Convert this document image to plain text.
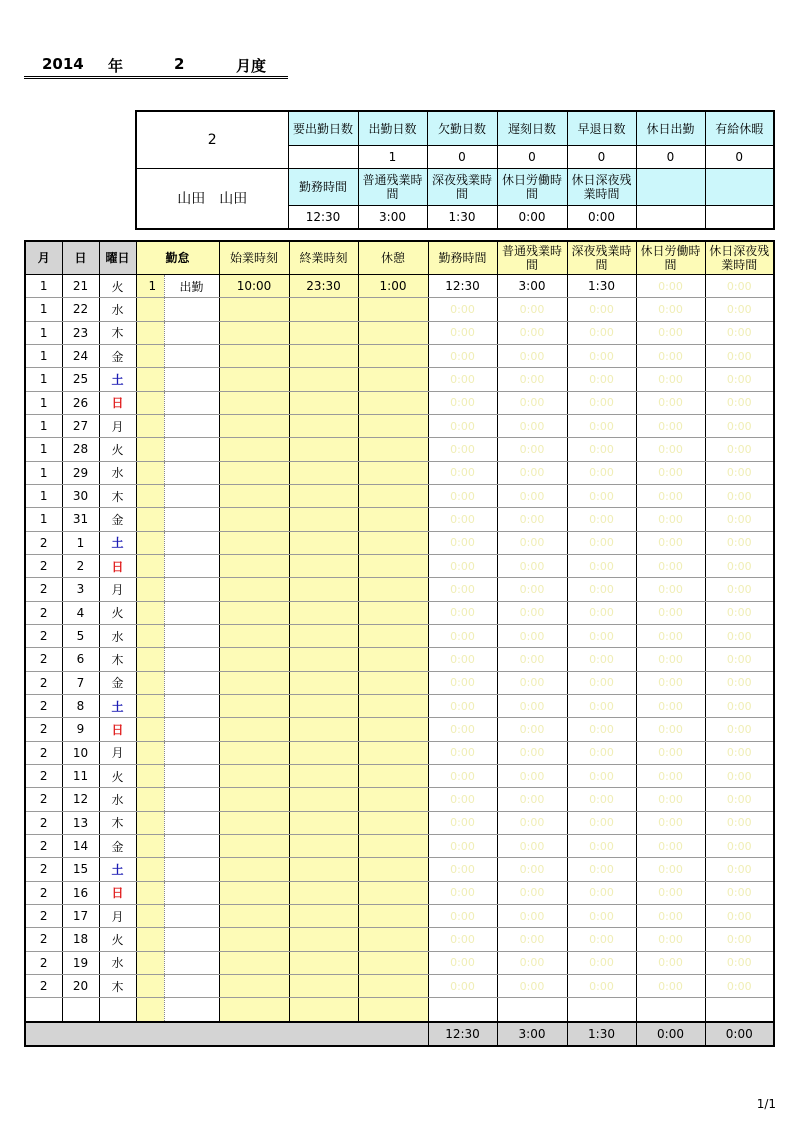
2014 年	2	月度
2	要出勤日数	出勤日数	欠勤日数	遅刻日数	早退日数	休日出勤	有給休暇
		1	0	0	0	0	0
山田　山田	勤務時間	普通残業時間	深夜残業時間	休日労働時間	休日深夜残業時間		
	12:30	3:00	1:30	0:00	0:00		
月	日	曜日	勤怠		始業時刻	終業時刻	休憩	勤務時間	普通残業時間	深夜残業時間	休日労働時間	休日深夜残業時間
1	21	火	1	出勤	10:00	23:30	1:00	12:30	3:00	1:30	0:00	0:00
1	22	水						0:00	0:00	0:00	0:00	0:00
1	23	木						0:00	0:00	0:00	0:00	0:00
1	24	金						0:00	0:00	0:00	0:00	0:00
1	25	土						0:00	0:00	0:00	0:00	0:00
1	26	日						0:00	0:00	0:00	0:00	0:00
1	27	月						0:00	0:00	0:00	0:00	0:00
1	28	火						0:00	0:00	0:00	0:00	0:00
1	29	水						0:00	0:00	0:00	0:00	0:00
1	30	木						0:00	0:00	0:00	0:00	0:00
1	31	金						0:00	0:00	0:00	0:00	0:00
2	1	土						0:00	0:00	0:00	0:00	0:00
2	2	日						0:00	0:00	0:00	0:00	0:00
2	3	月						0:00	0:00	0:00	0:00	0:00
2	4	火						0:00	0:00	0:00	0:00	0:00
2	5	水						0:00	0:00	0:00	0:00	0:00
2	6	木						0:00	0:00	0:00	0:00	0:00
2	7	金						0:00	0:00	0:00	0:00	0:00
2	8	土						0:00	0:00	0:00	0:00	0:00
2	9	日						0:00	0:00	0:00	0:00	0:00
2	10	月						0:00	0:00	0:00	0:00	0:00
2	11	火						0:00	0:00	0:00	0:00	0:00
2	12	水						0:00	0:00	0:00	0:00	0:00
2	13	木						0:00	0:00	0:00	0:00	0:00
2	14	金						0:00	0:00	0:00	0:00	0:00
2	15	土						0:00	0:00	0:00	0:00	0:00
2	16	日						0:00	0:00	0:00	0:00	0:00
2	17	月						0:00	0:00	0:00	0:00	0:00
2	18	火						0:00	0:00	0:00	0:00	0:00
2	19	水						0:00	0:00	0:00	0:00	0:00
2	20	木						0:00	0:00	0:00	0:00	0:00

								12:30	3:00	1:30	0:00	0:00
1/1
